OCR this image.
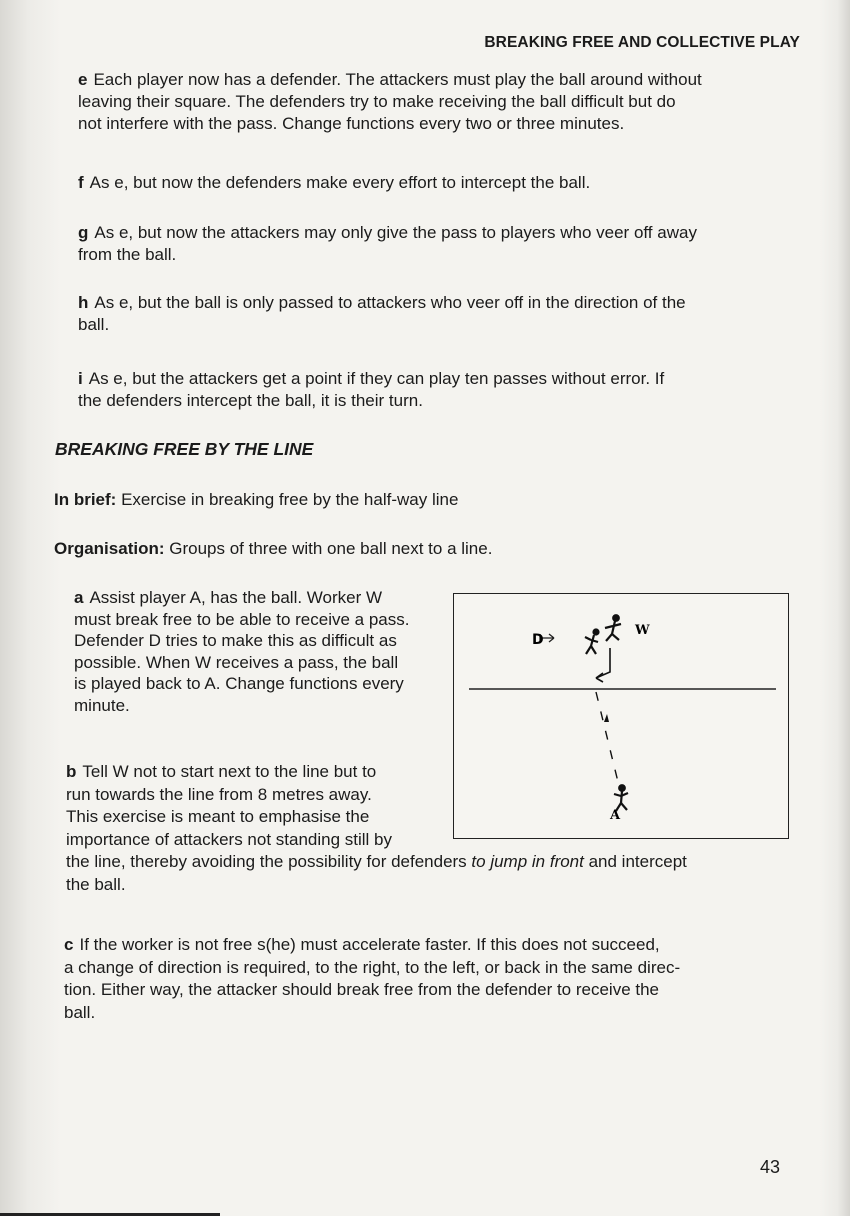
BREAKING FREE AND COLLECTIVE PLAY

e Each player now has a defender. The attackers must play the ball around without
leaving their square. The defenders try to make receiving the ball difficult but do
not interfere with the pass. Change functions every two or three minutes.

f As e, but now the defenders make every effort to intercept the ball.

g As e, but now the attackers may only give the pass to players who veer off away
from the ball.

h As e, but the ball is only passed to attackers who veer off in the direction of the
ball.

i As e, but the attackers get a point if they can play ten passes without error. If
the defenders intercept the ball, it is their turn.

BREAKING FREE BY THE LINE

In brief: Exercise in breaking free by the half-way line

Organisation: Groups of three with one ball next to a line.

a Assist player A, has the ball. Worker W
must break free to be able to receive a pass.
Defender D tries to make this as difficult as
possible. When W receives a pass, the ball
is played back to A. Change functions every
minute.

b Tell W not to start next to the line but to
run towards the line from 8 metres away.
This exercise is meant to emphasise the
importance of attackers not standing still by
the line, thereby avoiding the possibility for defenders to jump in front and intercept
the ball.

c If the worker is not free s(he) must accelerate faster. If this does not succeed,
a change of direction is required, to the right, to the left, or back in the same direc-
tion. Either way, the attacker should break free from the defender to receive the
ball.

D
W
A
43
